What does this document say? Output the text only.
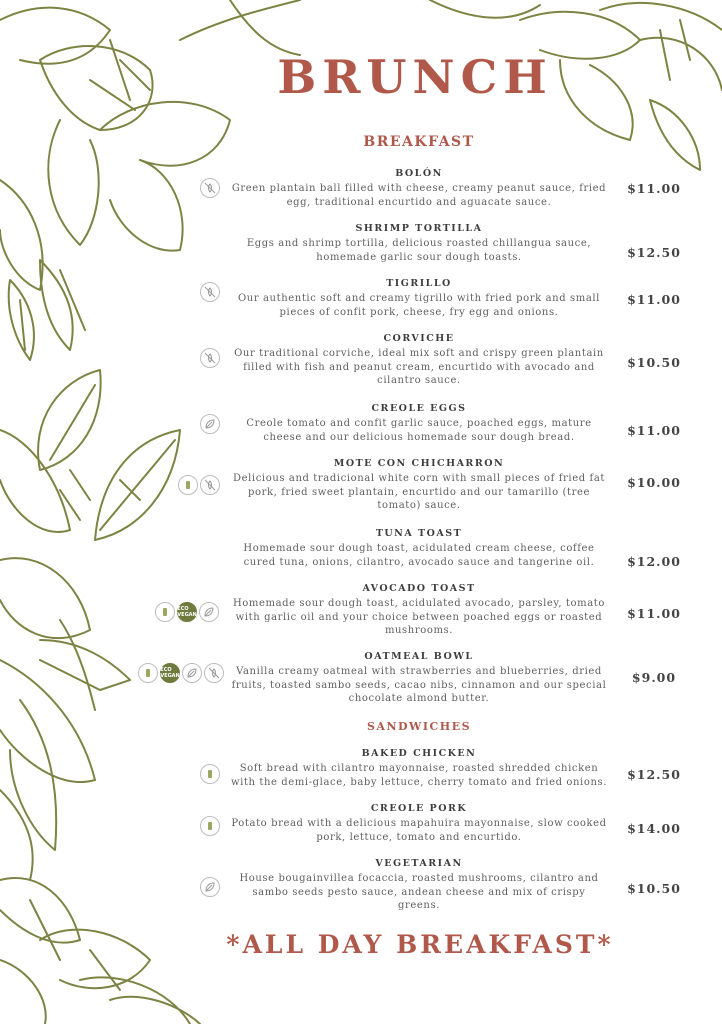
BRUNCH
BREAKFAST
BOLÓN
Green plantain ball filled with cheese, creamy peanut sauce, fried egg, traditional encurtido and aguacate sauce.
$11.00
SHRIMP TORTILLA
Eggs and shrimp tortilla, delicious roasted chillangua sauce, homemade garlic sour dough toasts.	$12.50
TIGRILLO
Our authentic soft and creamy tigrillo with fried pork and small pieces of confit pork, cheese, fry egg and onions.
$11.00
CORVICHE
Our traditional corviche, ideal mix soft and crispy green plantain filled with fish and peanut cream, encurtido with avocado and cilantro sauce.
$10.50
CREOLE EGGS
Creole tomato and confit garlic sauce, poached eggs, mature cheese and our delicious homemade sour dough bread.	$11.00
MOTE CON CHICHARRON
Delicious and tradicional white corn with small pieces of fried fat pork, fried sweet plantain, encurtido and our tamarillo (tree tomato) sauce.
$10.00
TUNA TOAST
Homemade sour dough toast, acidulated cream cheese, coffee cured tuna, onions, cilantro, avocado sauce and tangerine oil.	$12.00
AVOCADO TOAST
Homemade sour dough toast, acidulated avocado, parsley, tomato with garlic oil and your choice between poached eggs or roasted mushrooms.
$11.00
ECO VEGAN
OATMEAL BOWL
Vanilla creamy oatmeal with strawberries and blueberries, dried fruits, toasted sambo seeds, cacao nibs, cinnamon and our special chocolate almond butter.
$9.00
ECO VEGAN
SANDWICHES
BAKED CHICKEN
Soft bread with cilantro mayonnaise, roasted shredded chicken with the demi-glace, baby lettuce, cherry tomato and fried onions.	$12.50
CREOLE PORK
Potato bread with a delicious mapahuira mayonnaise, slow cooked pork, lettuce, tomato and encurtido.
$14.00
VEGETARIAN
House bougainvillea focaccia, roasted mushrooms, cilantro and sambo seeds pesto sauce, andean cheese and mix of crispy greens.
$10.50
*ALL DAY BREAKFAST*
